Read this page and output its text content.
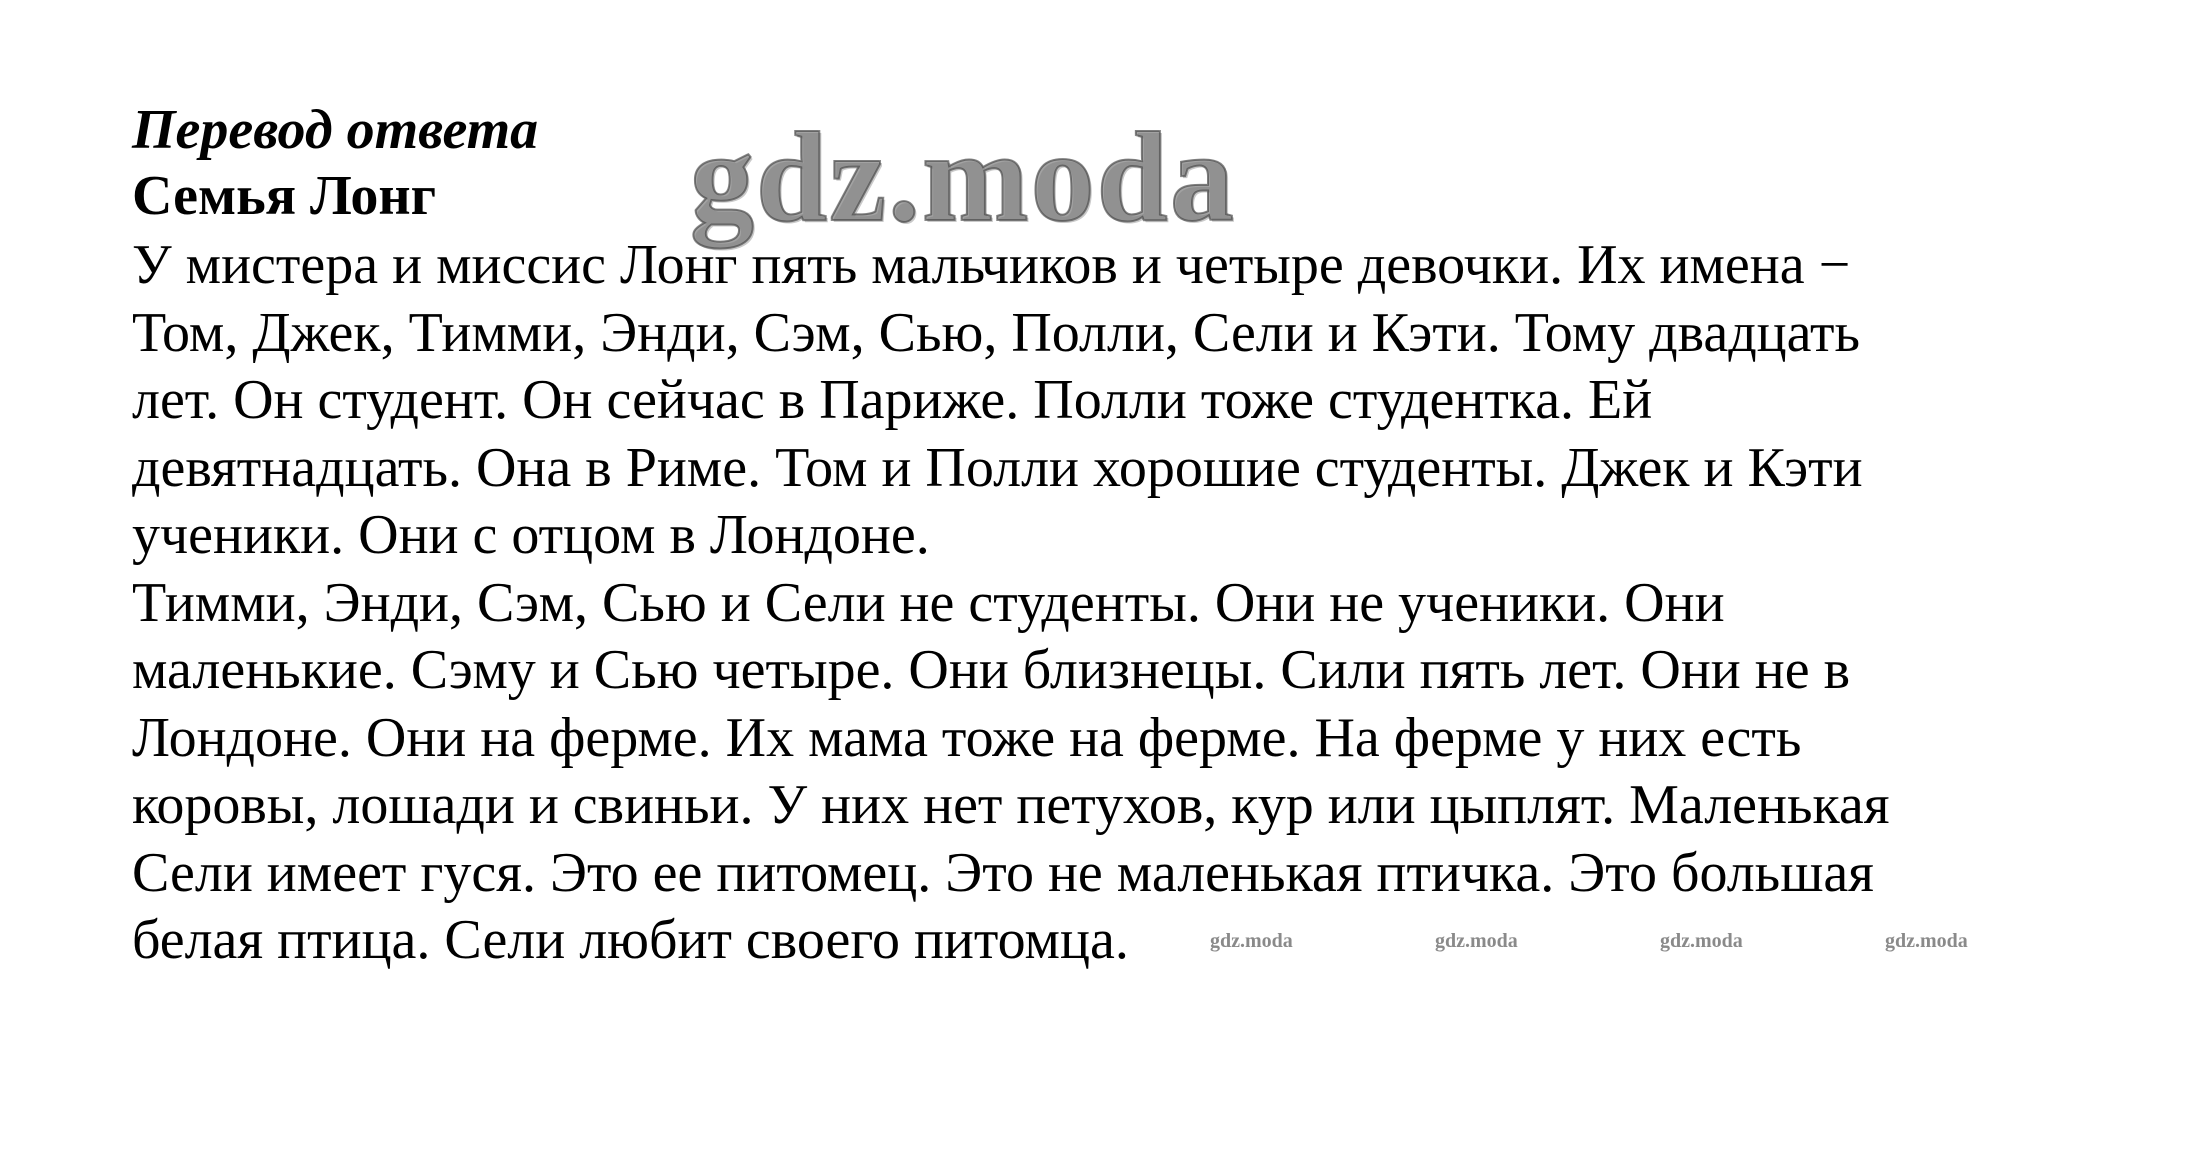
gdz.moda
Перевод ответа
Семья Лонг
У мистера и миссис Лонг пять мальчиков и четыре девочки. Их имена −
Том, Джек, Тимми, Энди, Сэм, Сью, Полли, Сели и Кэти. Тому двадцать
лет. Он студент. Он сейчас в Париже. Полли тоже студентка. Ей
девятнадцать. Она в Риме. Том и Полли хорошие студенты. Джек и Кэти
ученики. Они с отцом в Лондоне.
Тимми, Энди, Сэм, Сью и Сели не студенты. Они не ученики. Они
маленькие. Сэму и Сью четыре. Они близнецы. Сили пять лет. Они не в
Лондоне. Они на ферме. Их мама тоже на ферме. На ферме у них есть
коровы, лошади и свиньи. У них нет петухов, кур или цыплят. Маленькая
Сели имеет гуся. Это ее питомец. Это не маленькая птичка. Это большая
белая птица. Сели любит своего питомца.	gdz.moda	gdz.moda	gdz.moda	gdz.moda
